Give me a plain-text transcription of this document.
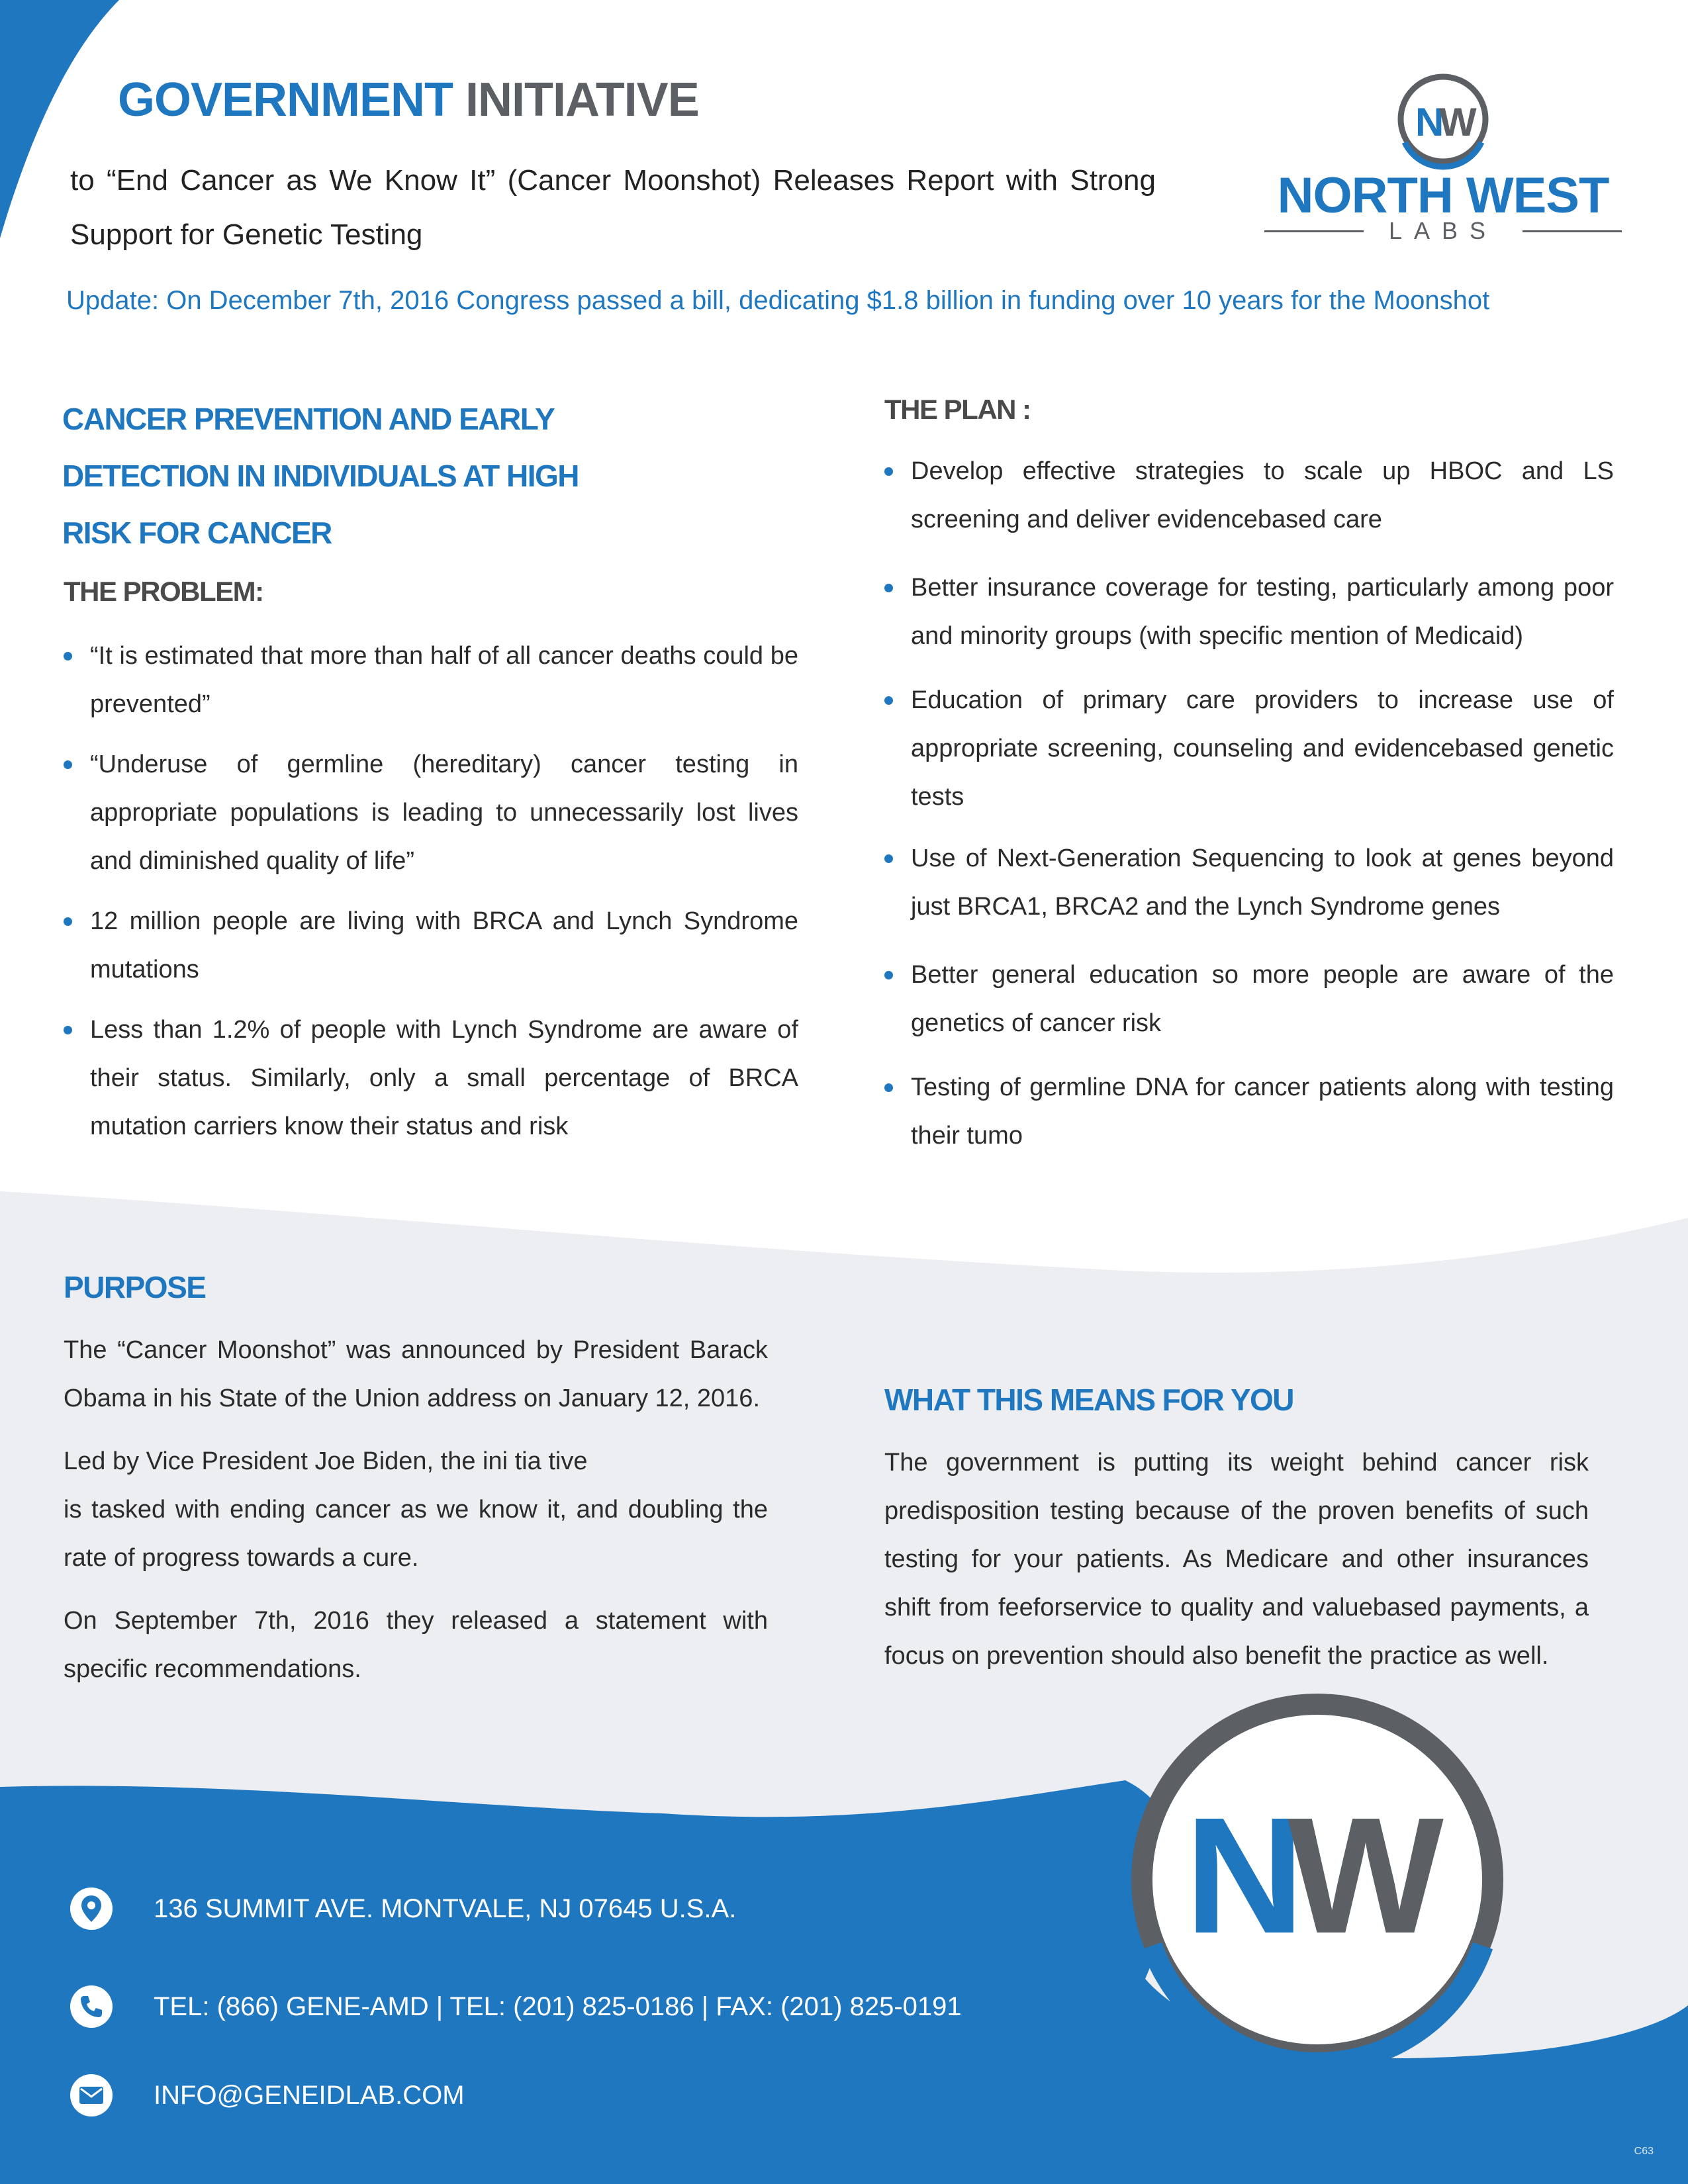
GOVERNMENT INITIATIVE
to “End Cancer as We Know It” (Cancer Moonshot) Releases Report with Strong Support for Genetic Testing
Update: On December 7th, 2016 Congress passed a bill, dedicating $1.8 billion in funding over 10 years for the Moonshot
N
W
NORTH WEST
LABS
CANCER PREVENTION AND EARLY
DETECTION IN INDIVIDUALS AT HIGH
RISK FOR CANCER
THE PROBLEM:
“It is estimated that more than half of all cancer deaths could be prevented”
“Underuse of germline (hereditary) cancer testing in appropriate populations is leading to unnecessarily lost lives and diminished quality of life”
12 million people are living with BRCA and Lynch Syndrome mutations
Less than 1.2% of people with Lynch Syndrome are aware of their status. Similarly, only a small percentage of BRCA mutation carriers know their status and risk
THE PLAN :
Develop effective strategies to scale up HBOC and LS screening and deliver evidencebased care
Better insurance coverage for testing, particularly among poor and minority groups (with specific mention of Medicaid)
Education of primary care providers to increase use of appropriate screening, counseling and evidencebased genetic tests
Use of Next-Generation Sequencing to look at genes beyond just BRCA1, BRCA2 and the Lynch Syndrome genes
Better general education so more people are aware of the genetics of cancer risk
Testing of germline DNA for cancer patients along with testing their tumo
PURPOSE
The “Cancer Moonshot” was announced by President Barack Obama in his State of the Union address on January 12, 2016.
Led by Vice President Joe Biden, the ini tia tive
is tasked with ending cancer as we know it, and doubling the rate of progress towards a cure.
On September 7th, 2016 they released a statement with specific recommendations.
WHAT THIS MEANS FOR YOU
The government is putting its weight behind cancer risk predisposition testing because of the proven benefits of such testing for your patients. As Medicare and other insurances shift from feeforservice to quality and valuebased payments, a focus on prevention should also benefit the practice as well.
N
W
136 SUMMIT AVE. MONTVALE, NJ 07645 U.S.A.
TEL: (866) GENE-AMD | TEL: (201) 825-0186 | FAX: (201) 825-0191
INFO@GENEIDLAB.COM
C63
